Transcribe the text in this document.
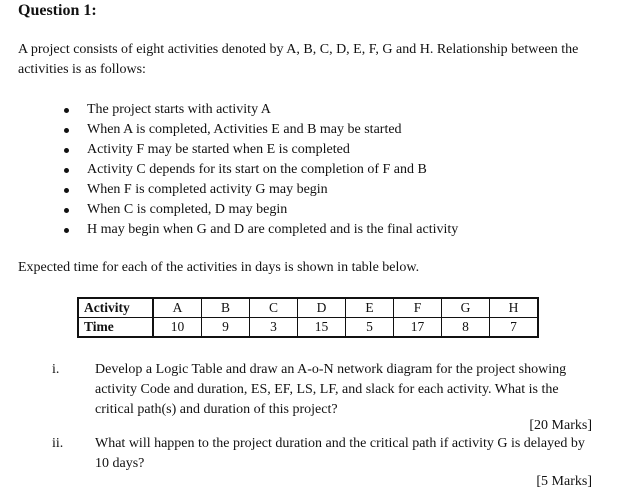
Question 1:
A project consists of eight activities denoted by A, B, C, D, E, F, G and H. Relationship between the activities is as follows:
The project starts with activity A
When A is completed, Activities E and B may be started
Activity F may be started when E is completed
Activity C depends for its start on the completion of F and B
When F is completed activity G may begin
When C is completed, D may begin
H may begin when G and D are completed and is the final activity
Expected time for each of the activities in days is shown in table below.
Activity	A	B	C	D	E	F	G	H
Time	10	9	3	15	5	17	8	7
i.	Develop a Logic Table and draw an A-o-N network diagram for the project showing activity Code and duration, ES, EF, LS, LF, and slack for each activity. What is the critical path(s) and duration of this project?
[20 Marks]
ii. What will happen to the project duration and the critical path if activity G is delayed by 10 days?
[5 Marks]
